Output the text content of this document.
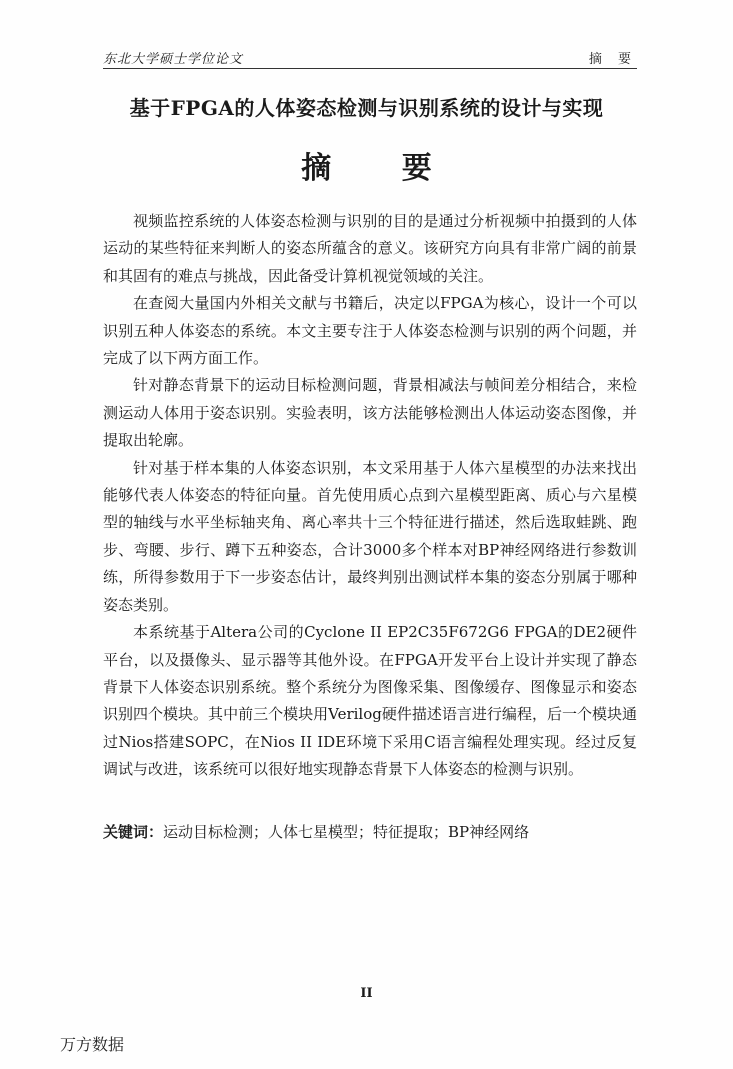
东北大学硕士学位论文	摘 要
基于FPGA的人体姿态检测与识别系统的设计与实现
摘 要

视频监控系统的人体姿态检测与识别的目的是通过分析视频中拍摄到的人体运动的某些特征来判断人的姿态所蕴含的意义。该研究方向具有非常广阔的前景和其固有的难点与挑战，因此备受计算机视觉领域的关注。

在查阅大量国内外相关文献与书籍后，决定以FPGA为核心，设计一个可以识别五种人体姿态的系统。本文主要专注于人体姿态检测与识别的两个问题，并完成了以下两方面工作。

针对静态背景下的运动目标检测问题，背景相减法与帧间差分相结合，来检测运动人体用于姿态识别。实验表明，该方法能够检测出人体运动姿态图像，并提取出轮廓。

针对基于样本集的人体姿态识别，本文采用基于人体六星模型的办法来找出能够代表人体姿态的特征向量。首先使用质心点到六星模型距离、质心与六星模型的轴线与水平坐标轴夹角、离心率共十三个特征进行描述，然后选取蛙跳、跑步、弯腰、步行、蹲下五种姿态，合计3000多个样本对BP神经网络进行参数训练，所得参数用于下一步姿态估计，最终判别出测试样本集的姿态分别属于哪种姿态类别。

本系统基于Altera公司的Cyclone II EP2C35F672G6 FPGA的DE2硬件平台，以及摄像头、显示器等其他外设。在FPGA开发平台上设计并实现了静态背景下人体姿态识别系统。整个系统分为图像采集、图像缓存、图像显示和姿态识别四个模块。其中前三个模块用Verilog硬件描述语言进行编程，后一个模块通过Nios搭建SOPC，在Nios II IDE环境下采用C语言编程处理实现。经过反复调试与改进，该系统可以很好地实现静态背景下人体姿态的检测与识别。

关键词：运动目标检测；人体七星模型；特征提取；BP神经网络
II
万方数据
